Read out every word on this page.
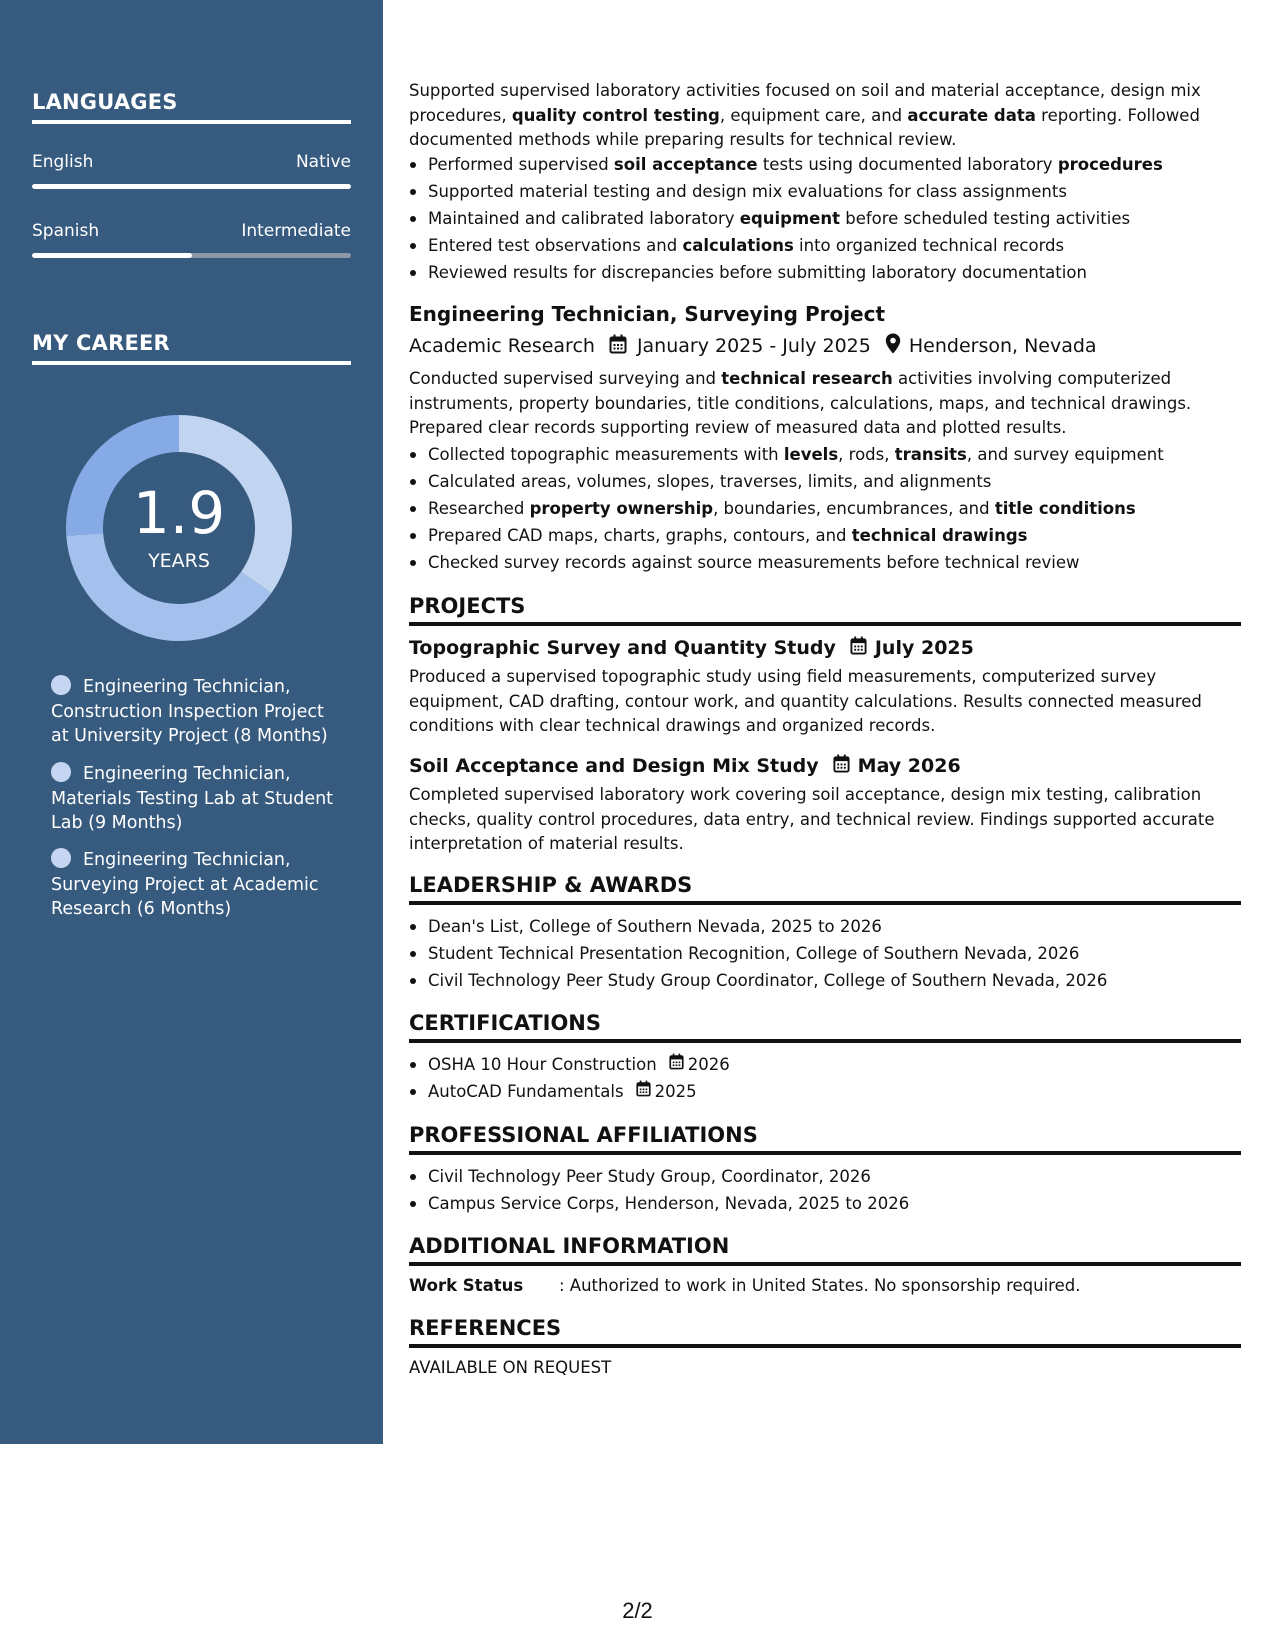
LANGUAGES
English	Native
Spanish	Intermediate
MY CAREER
1.9
YEARS
Engineering Technician, Construction Inspection Project at University Project (8 Months)
Engineering Technician, Materials Testing Lab at Student Lab (9 Months)
Engineering Technician, Surveying Project at Academic Research (6 Months)

Supported supervised laboratory activities focused on soil and material acceptance, design mix procedures, quality control testing, equipment care, and accurate data reporting. Followed documented methods while preparing results for technical review.

Performed supervised soil acceptance tests using documented laboratory procedures
Supported material testing and design mix evaluations for class assignments
Maintained and calibrated laboratory equipment before scheduled testing activities
Entered test observations and calculations into organized technical records
Reviewed results for discrepancies before submitting laboratory documentation
Engineering Technician, Surveying Project
Academic Research January 2025 - July 2025 Henderson, Nevada

Conducted supervised surveying and technical research activities involving computerized instruments, property boundaries, title conditions, calculations, maps, and technical drawings. Prepared clear records supporting review of measured data and plotted results.

Collected topographic measurements with levels, rods, transits, and survey equipment
Calculated areas, volumes, slopes, traverses, limits, and alignments
Researched property ownership, boundaries, encumbrances, and title conditions
Prepared CAD maps, charts, graphs, contours, and technical drawings
Checked survey records against source measurements before technical review
PROJECTS
Topographic Survey and Quantity Study July 2025

Produced a supervised topographic study using field measurements, computerized survey equipment, CAD drafting, contour work, and quantity calculations. Results connected measured conditions with clear technical drawings and organized records.

Soil Acceptance and Design Mix Study May 2026

Completed supervised laboratory work covering soil acceptance, design mix testing, calibration checks, quality control procedures, data entry, and technical review. Findings supported accurate interpretation of material results.

LEADERSHIP & AWARDS
Dean's List, College of Southern Nevada, 2025 to 2026
Student Technical Presentation Recognition, College of Southern Nevada, 2026
Civil Technology Peer Study Group Coordinator, College of Southern Nevada, 2026
CERTIFICATIONS
OSHA 10 Hour Construction 2026
AutoCAD Fundamentals 2025
PROFESSIONAL AFFILIATIONS
Civil Technology Peer Study Group, Coordinator, 2026
Campus Service Corps, Henderson, Nevada, 2025 to 2026
ADDITIONAL INFORMATION
Work Status : Authorized to work in United States. No sponsorship required.
REFERENCES
AVAILABLE ON REQUEST
2/2
